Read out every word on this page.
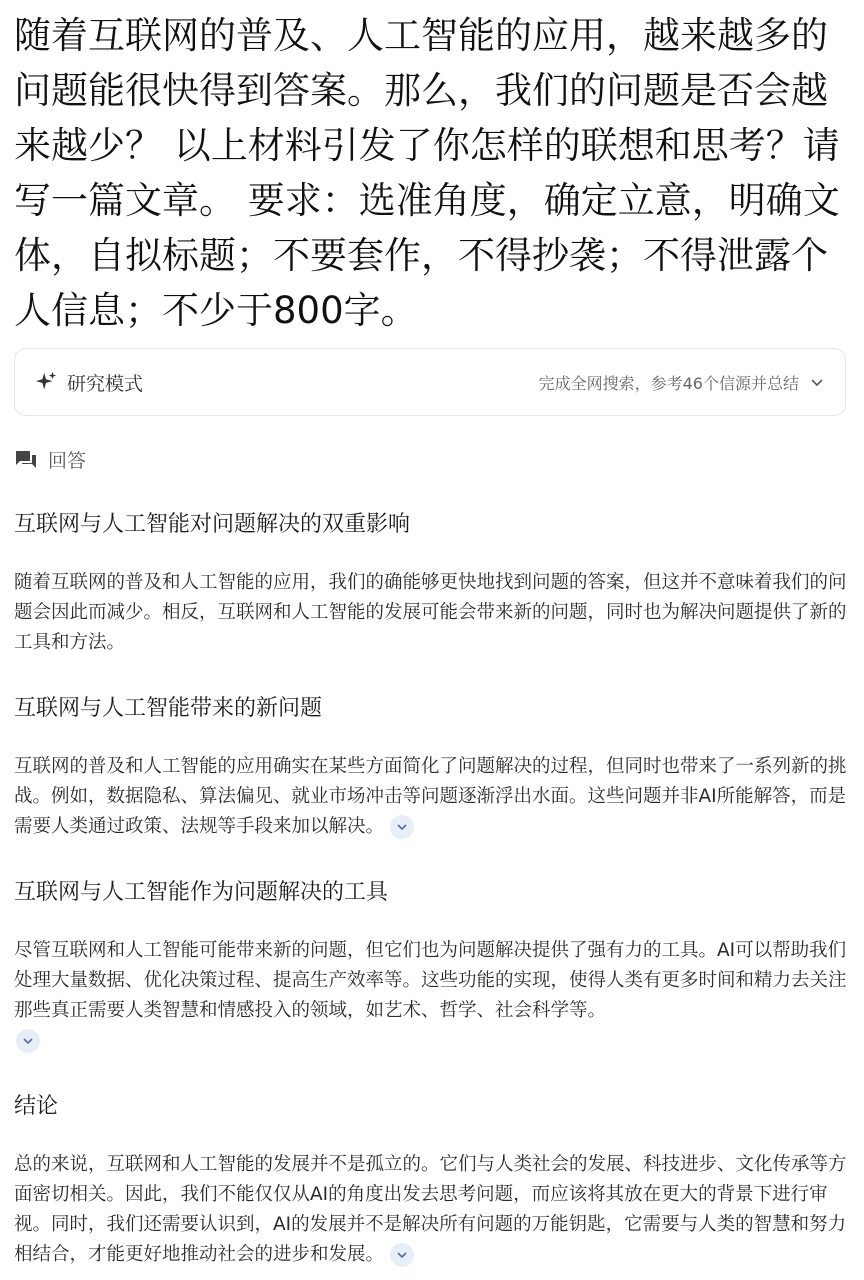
随着互联网的普及、人工智能的应用，越来越多的问题能很快得到答案。那么，我们的问题是否会越来越少？ 以上材料引发了你怎样的联想和思考？请写一篇文章。 要求：选准角度，确定立意，明确文体，自拟标题；不要套作，不得抄袭；不得泄露个人信息；不少于800字。
研究模式	完成全网搜索，参考46个信源并总结
回答
互联网与人工智能对问题解决的双重影响

随着互联网的普及和人工智能的应用，我们的确能够更快地找到问题的答案，但这并不意味着我们的问题会因此而减少。相反，互联网和人工智能的发展可能会带来新的问题，同时也为解决问题提供了新的工具和方法。

互联网与人工智能带来的新问题

互联网的普及和人工智能的应用确实在某些方面简化了问题解决的过程，但同时也带来了一系列新的挑战。例如，数据隐私、算法偏见、就业市场冲击等问题逐渐浮出水面。这些问题并非AI所能解答，而是需要人类通过政策、法规等手段来加以解决。

互联网与人工智能作为问题解决的工具

尽管互联网和人工智能可能带来新的问题，但它们也为问题解决提供了强有力的工具。AI可以帮助我们处理大量数据、优化决策过程、提高生产效率等。这些功能的实现，使得人类有更多时间和精力去关注那些真正需要人类智慧和情感投入的领域，如艺术、哲学、社会科学等。

结论

总的来说，互联网和人工智能的发展并不是孤立的。它们与人类社会的发展、科技进步、文化传承等方面密切相关。因此，我们不能仅仅从AI的角度出发去思考问题，而应该将其放在更大的背景下进行审视。同时，我们还需要认识到，AI的发展并不是解决所有问题的万能钥匙，它需要与人类的智慧和努力相结合，才能更好地推动社会的进步和发展。
